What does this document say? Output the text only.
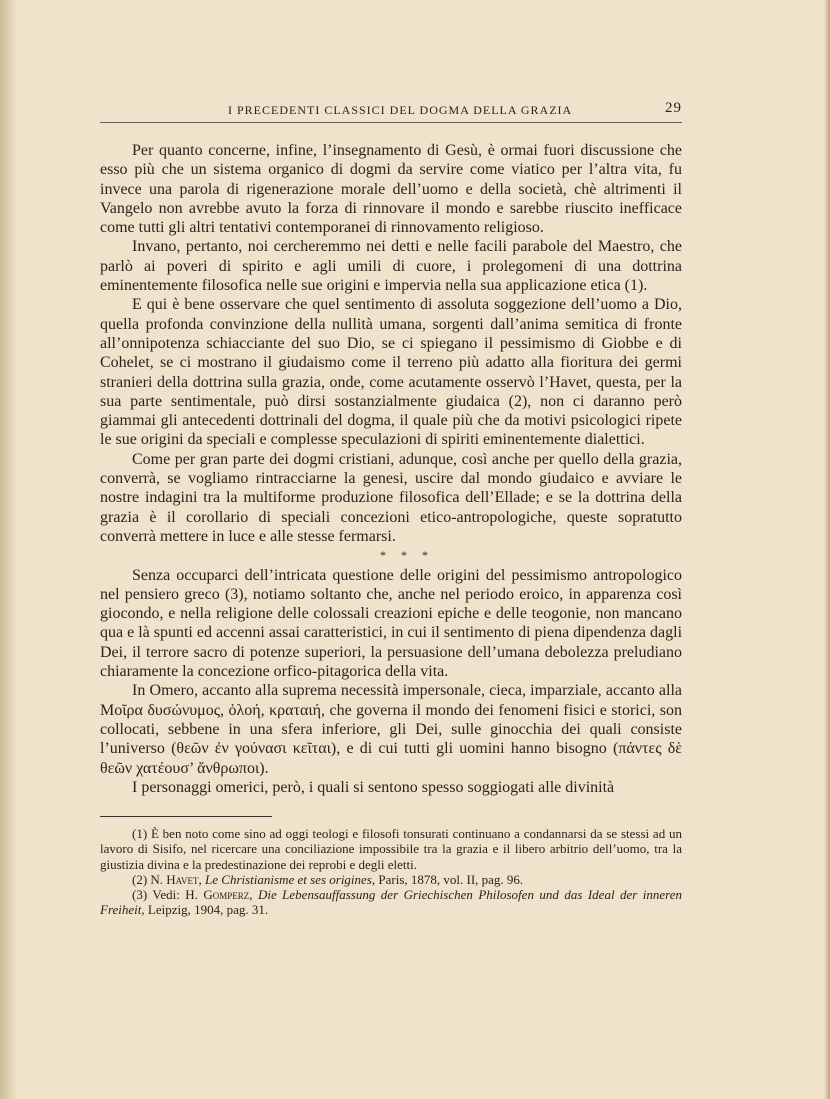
I PRECEDENTI CLASSICI DEL DOGMA DELLA GRAZIA	29

Per quanto concerne, infine, l’insegnamento di Gesù, è ormai fuori discussione che esso più che un sistema organico di dogmi da servire come viatico per l’altra vita, fu invece una parola di rigenerazione morale dell’uomo e della società, chè altrimenti il Vangelo non avrebbe avuto la forza di rinnovare il mondo e sarebbe riuscito inefficace come tutti gli altri tentativi contemporanei di rinnovamento religioso.

Invano, pertanto, noi cercheremmo nei detti e nelle facili parabole del Maestro, che parlò ai poveri di spirito e agli umili di cuore, i prolegomeni di una dottrina eminentemente filosofica nelle sue origini e impervia nella sua applicazione etica (1).

E qui è bene osservare che quel sentimento di assoluta soggezione dell’uomo a Dio, quella profonda convinzione della nullità umana, sorgenti dall’anima semitica di fronte all’onnipotenza schiacciante del suo Dio, se ci spiegano il pessimismo di Giobbe e di Cohelet, se ci mostrano il giudaismo come il terreno più adatto alla fioritura dei germi stranieri della dottrina sulla grazia, onde, come acutamente osservò l’Havet, questa, per la sua parte sentimentale, può dirsi sostanzialmente giudaica (2), non ci daranno però giammai gli antecedenti dottrinali del dogma, il quale più che da motivi psicologici ripete le sue origini da speciali e complesse speculazioni di spiriti eminentemente dialettici.

Come per gran parte dei dogmi cristiani, adunque, così anche per quello della grazia, converrà, se vogliamo rintracciarne la genesi, uscire dal mondo giudaico e avviare le nostre indagini tra la multiforme produzione filosofica dell’Ellade; e se la dottrina della grazia è il corollario di speciali concezioni etico-antropologiche, queste sopratutto converrà mettere in luce e alle stesse fermarsi.

* * *

Senza occuparci dell’intricata questione delle origini del pessimismo antropologico nel pensiero greco (3), notiamo soltanto che, anche nel periodo eroico, in apparenza così giocondo, e nella religione delle colossali creazioni epiche e delle teogonie, non mancano qua e là spunti ed accenni assai caratteristici, in cui il sentimento di piena dipendenza dagli Dei, il terrore sacro di potenze superiori, la persuasione dell’umana debolezza preludiano chiaramente la concezione orfico-pitagorica della vita.

In Omero, accanto alla suprema necessità impersonale, cieca, imparziale, accanto alla Μοῖρα δυσώνυμος, ὀλοή, κραταιή, che governa il mondo dei fenomeni fisici e storici, son collocati, sebbene in una sfera inferiore, gli Dei, sulle ginocchia dei quali consiste l’universo (θεῶν ἐν γούνασι κεῖται), e di cui tutti gli uomini hanno bisogno (πάντες δὲ θεῶν χατέουσ’ ἄνθρωποι).

I personaggi omerici, però, i quali si sentono spesso soggiogati alle divinità

(1) È ben noto come sino ad oggi teologi e filosofi tonsurati continuano a condannarsi da se stessi ad un lavoro di Sisifo, nel ricercare una conciliazione impossibile tra la grazia e il libero arbitrio dell’uomo, tra la giustizia divina e la predestinazione dei reprobi e degli eletti.

(2) N. Havet, Le Christianisme et ses origines, Paris, 1878, vol. II, pag. 96.

(3) Vedi: H. Gomperz, Die Lebensauffassung der Griechischen Philosofen und das Ideal der inneren Freiheit, Leipzig, 1904, pag. 31.
